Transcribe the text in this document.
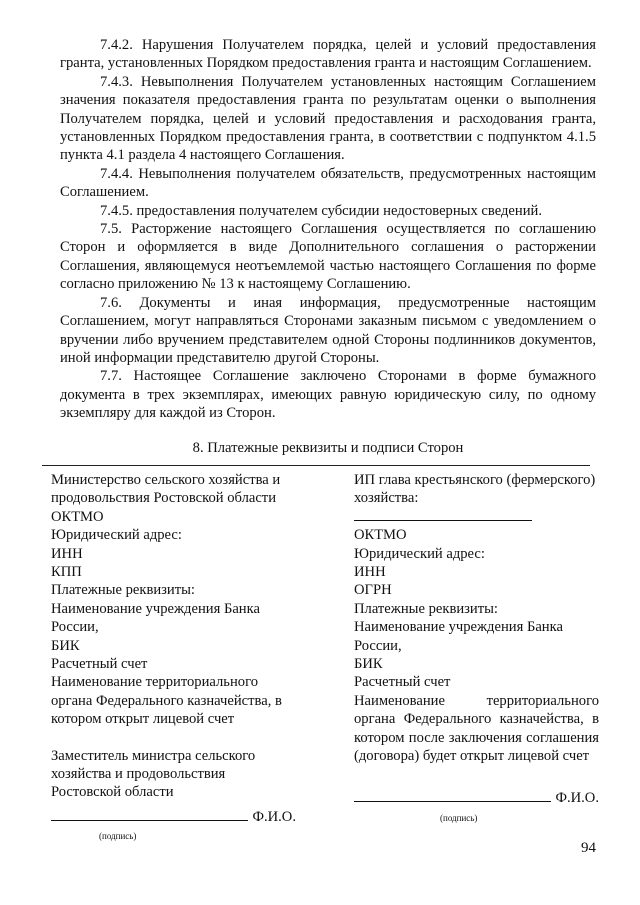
7.4.2. Нарушения Получателем порядка, целей и условий предоставления гранта, установленных Порядком предоставления гранта и настоящим Соглашением.

7.4.3. Невыполнения Получателем установленных настоящим Соглашением значения показателя предоставления гранта по результатам оценки о выполнения Получателем порядка, целей и условий предоставления и расходования гранта, установленных Порядком предоставления гранта, в соответствии с подпунктом 4.1.5 пункта 4.1 раздела 4 настоящего Соглашения.

7.4.4. Невыполнения получателем обязательств, предусмотренных настоящим Соглашением.

7.4.5. предоставления получателем субсидии недостоверных сведений.

7.5. Расторжение настоящего Соглашения осуществляется по соглашению Сторон и оформляется в виде Дополнительного соглашения о расторжении Соглашения, являющемуся неотъемлемой частью настоящего Соглашения по форме согласно приложению № 13 к настоящему Соглашению.

7.6. Документы и иная информация, предусмотренные настоящим Соглашением, могут направляться Сторонами заказным письмом с уведомлением о вручении либо вручением представителем одной Стороны подлинников документов, иной информации представителю другой Стороны.

7.7. Настоящее Соглашение заключено Сторонами в форме бумажного документа в трех экземплярах, имеющих равную юридическую силу, по одному экземпляру для каждой из Сторон.

8. Платежные реквизиты и подписи Сторон

Министерство сельского хозяйства и продовольствия Ростовской области

ОКТМО

Юридический адрес:

ИНН

КПП

Платежные реквизиты:

Наименование учреждения Банка России,

БИК

Расчетный счет

Наименование территориального органа Федерального казначейства, в котором открыт лицевой счет

Заместитель министра сельского хозяйства и продовольствия Ростовской области

Ф.И.О.
(подпись)

ИП глава крестьянского (фермерского)

хозяйства:

ОКТМО

Юридический адрес:

ИНН

ОГРН

Платежные реквизиты:

Наименование учреждения Банка России,

БИК

Расчетный счет

Наименование территориального органа Федерального казначейства, в котором после заключения соглашения (договора) будет открыт лицевой счет

Ф.И.О.
(подпись)
94
